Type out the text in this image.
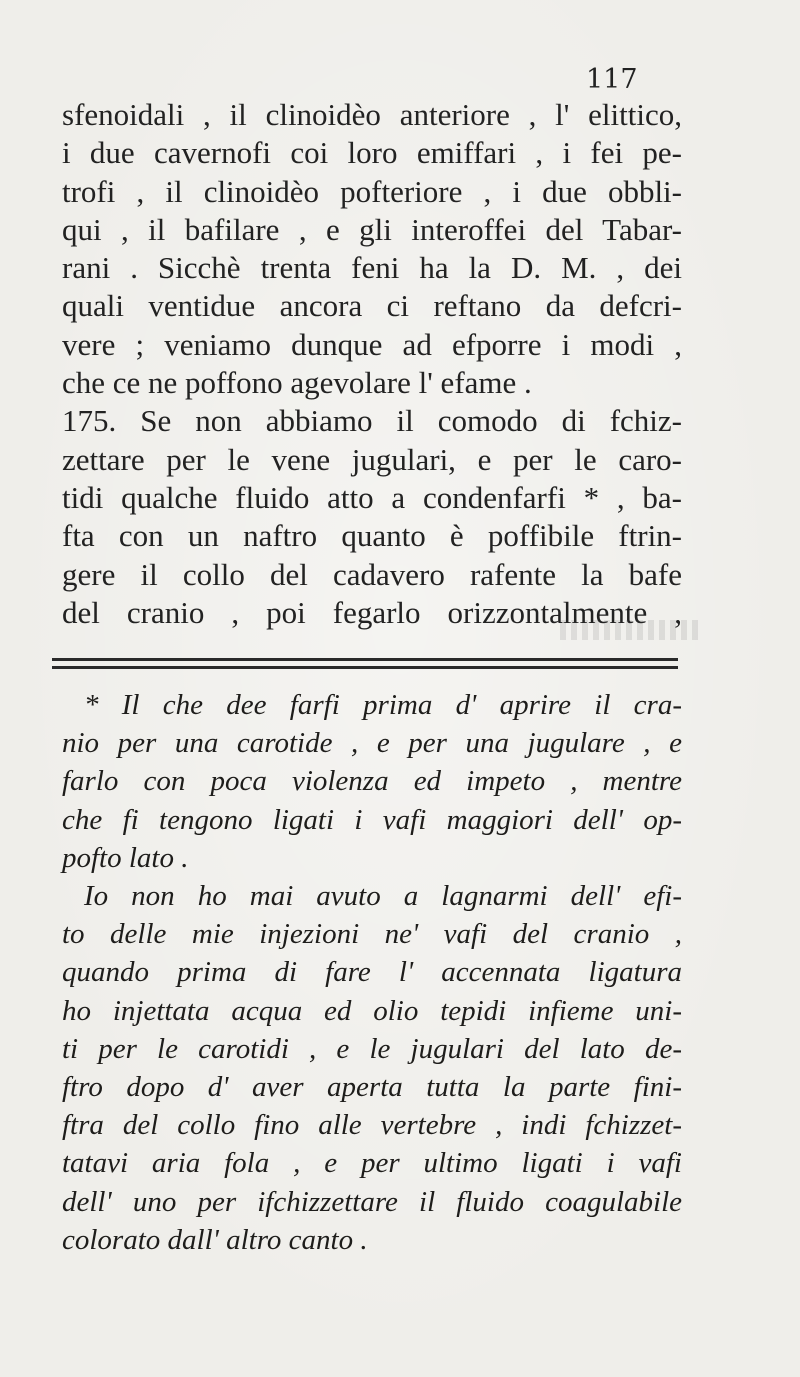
117
sfenoidali , il clinoidèo anteriore , l' elittico,
i due cavernofi coi loro emiffari , i fei pe-
trofi , il clinoidèo pofteriore , i due obbli-
qui , il bafilare , e gli interoffei del Tabar-
rani . Sicchè trenta feni ha la D. M. , dei
quali ventidue ancora ci reftano da defcri-
vere ; veniamo dunque ad efporre i modi ,
che ce ne poffono agevolare l' efame .
175. Se non abbiamo il comodo di fchiz-
zettare per le vene jugulari, e per le caro-
tidi qualche fluido atto a condenfarfi * , ba-
fta con un naftro quanto è poffibile ftrin-
gere il collo del cadavero rafente la bafe
del cranio , poi fegarlo orizzontalmente ,
* Il che dee farfi prima d' aprire il cra-
nio per una carotide , e per una jugulare , e
farlo con poca violenza ed impeto , mentre
che fi tengono ligati i vafi maggiori dell' op-
pofto lato .
Io non ho mai avuto a lagnarmi dell' efi-
to delle mie injezioni ne' vafi del cranio ,
quando prima di fare l' accennata ligatura
ho injettata acqua ed olio tepidi infieme uni-
ti per le carotidi , e le jugulari del lato de-
ftro dopo d' aver aperta tutta la parte fini-
ftra del collo fino alle vertebre , indi fchizzet-
tatavi aria fola , e per ultimo ligati i vafi
dell' uno per ifchizzettare il fluido coagulabile
colorato dall' altro canto .
